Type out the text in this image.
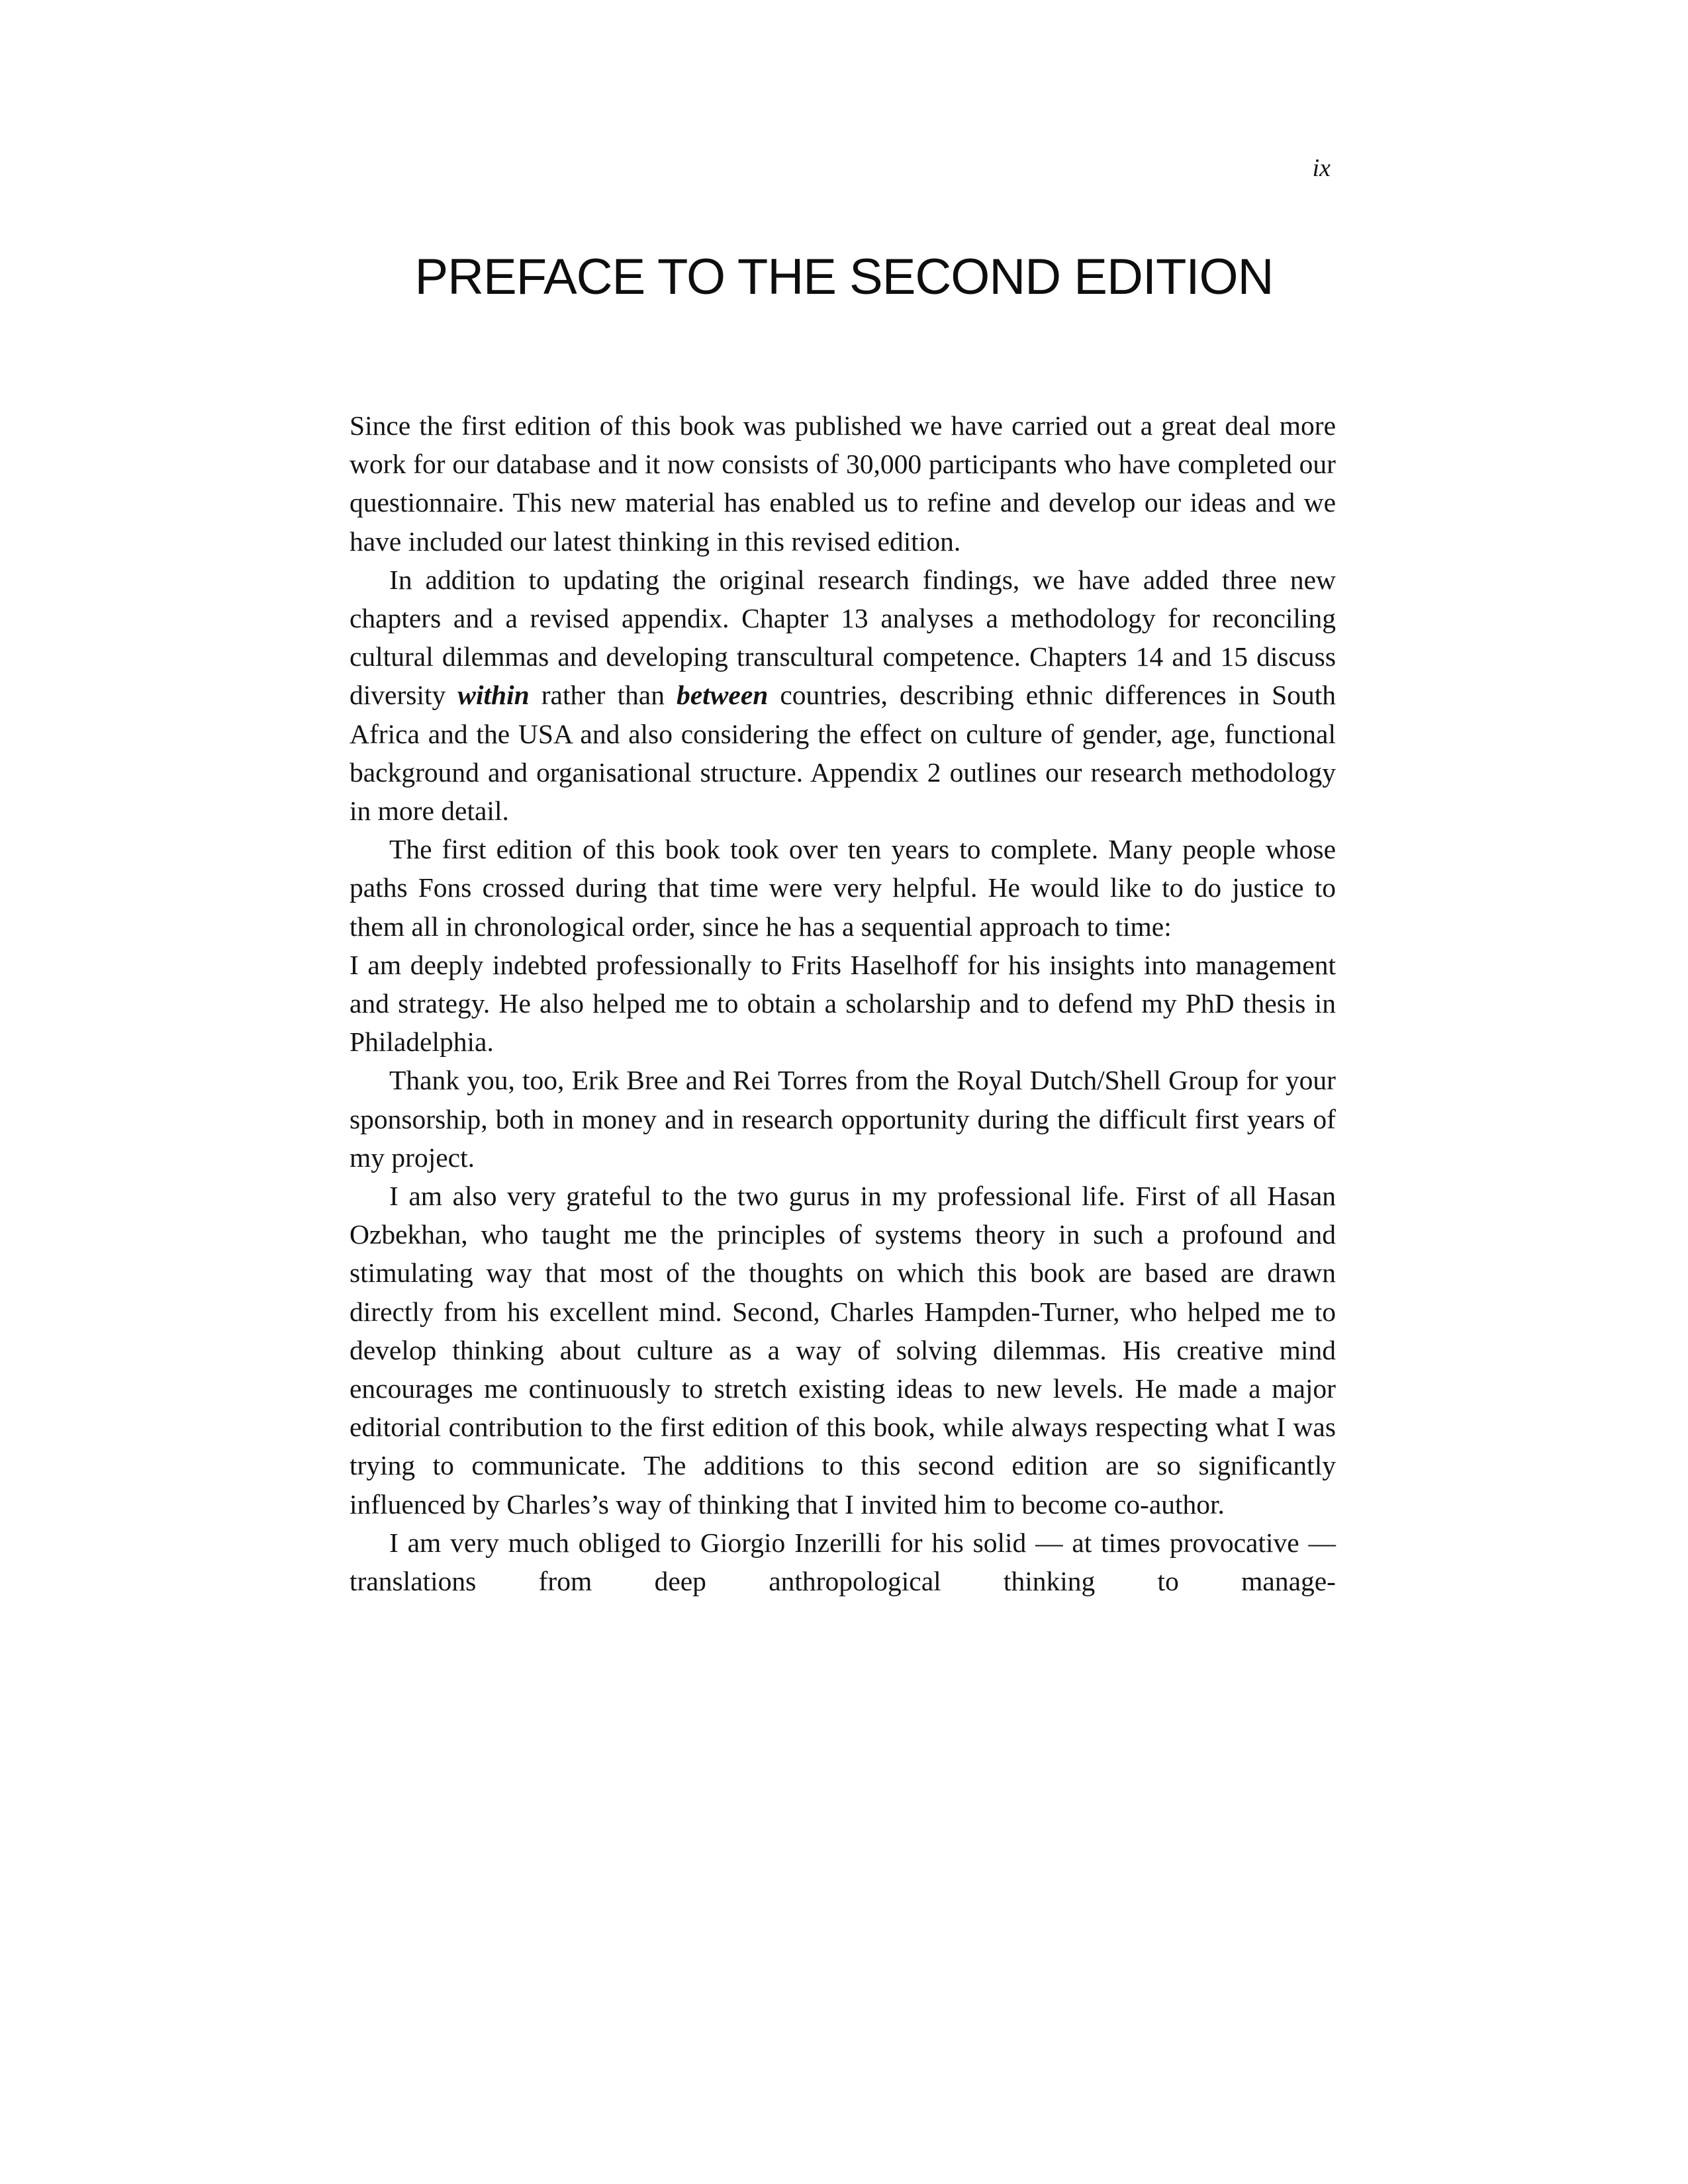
ix
PREFACE TO THE SECOND EDITION

Since the first edition of this book was published we have carried out a great deal more work for our database and it now consists of 30,000 participants who have completed our questionnaire. This new material has enabled us to refine and develop our ideas and we have included our latest thinking in this revised edition.

In addition to updating the original research findings, we have added three new chapters and a revised appendix. Chapter 13 analyses a methodology for reconciling cultural dilemmas and developing transcultural competence. Chapters 14 and 15 discuss diversity within rather than between countries, describing ethnic differences in South Africa and the USA and also considering the effect on culture of gender, age, functional background and organisational structure. Appendix 2 outlines our research methodology in more detail.

The first edition of this book took over ten years to complete. Many people whose paths Fons crossed during that time were very helpful. He would like to do justice to them all in chronological order, since he has a sequential approach to time:

I am deeply indebted professionally to Frits Haselhoff for his insights into management and strategy. He also helped me to obtain a scholarship and to defend my PhD thesis in Philadelphia.

Thank you, too, Erik Bree and Rei Torres from the Royal Dutch/Shell Group for your sponsorship, both in money and in research opportunity during the difficult first years of my project.

I am also very grateful to the two gurus in my professional life. First of all Hasan Ozbekhan, who taught me the principles of systems theory in such a profound and stimulating way that most of the thoughts on which this book are based are drawn directly from his excellent mind. Second, Charles Hampden-Turner, who helped me to develop thinking about culture as a way of solving dilemmas. His creative mind encourages me continuously to stretch existing ideas to new levels. He made a major editorial contribution to the first edition of this book, while always respecting what I was trying to communicate. The additions to this second edition are so significantly influenced by Charles’s way of thinking that I invited him to become co-author.

I am very much obliged to Giorgio Inzerilli for his solid — at times provocative — translations from deep anthropological thinking to manage-
